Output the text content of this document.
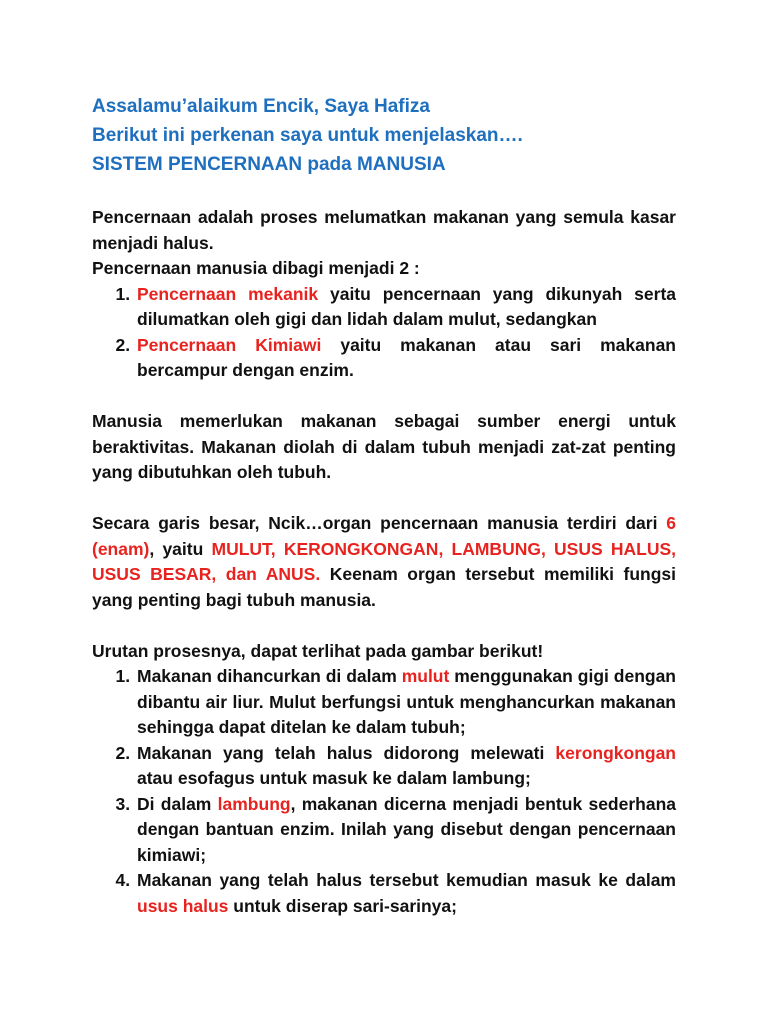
Assalamu’alaikum Encik, Saya Hafiza
Berikut ini perkenan saya untuk menjelaskan….
SISTEM PENCERNAAN pada MANUSIA

Pencernaan adalah proses melumatkan makanan yang semula kasar menjadi halus.

Pencernaan manusia dibagi menjadi 2 :

1. Pencernaan mekanik yaitu pencernaan yang dikunyah serta dilumatkan oleh gigi dan lidah dalam mulut, sedangkan
2. Pencernaan Kimiawi yaitu makanan atau sari makanan bercampur dengan enzim.

Manusia memerlukan makanan sebagai sumber energi untuk beraktivitas. Makanan diolah di dalam tubuh menjadi zat-zat penting yang dibutuhkan oleh tubuh.

Secara garis besar, Ncik…organ pencernaan manusia terdiri dari 6 (enam), yaitu MULUT, KERONGKONGAN, LAMBUNG, USUS HALUS, USUS BESAR, dan ANUS. Keenam organ tersebut memiliki fungsi yang penting bagi tubuh manusia.

Urutan prosesnya, dapat terlihat pada gambar berikut!

1. Makanan dihancurkan di dalam mulut menggunakan gigi dengan dibantu air liur. Mulut berfungsi untuk menghancurkan makanan sehingga dapat ditelan ke dalam tubuh;
2. Makanan yang telah halus didorong melewati kerongkongan atau esofagus untuk masuk ke dalam lambung;
3. Di dalam lambung, makanan dicerna menjadi bentuk sederhana dengan bantuan enzim. Inilah yang disebut dengan pencernaan kimiawi;
4. Makanan yang telah halus tersebut kemudian masuk ke dalam usus halus untuk diserap sari-sarinya;
